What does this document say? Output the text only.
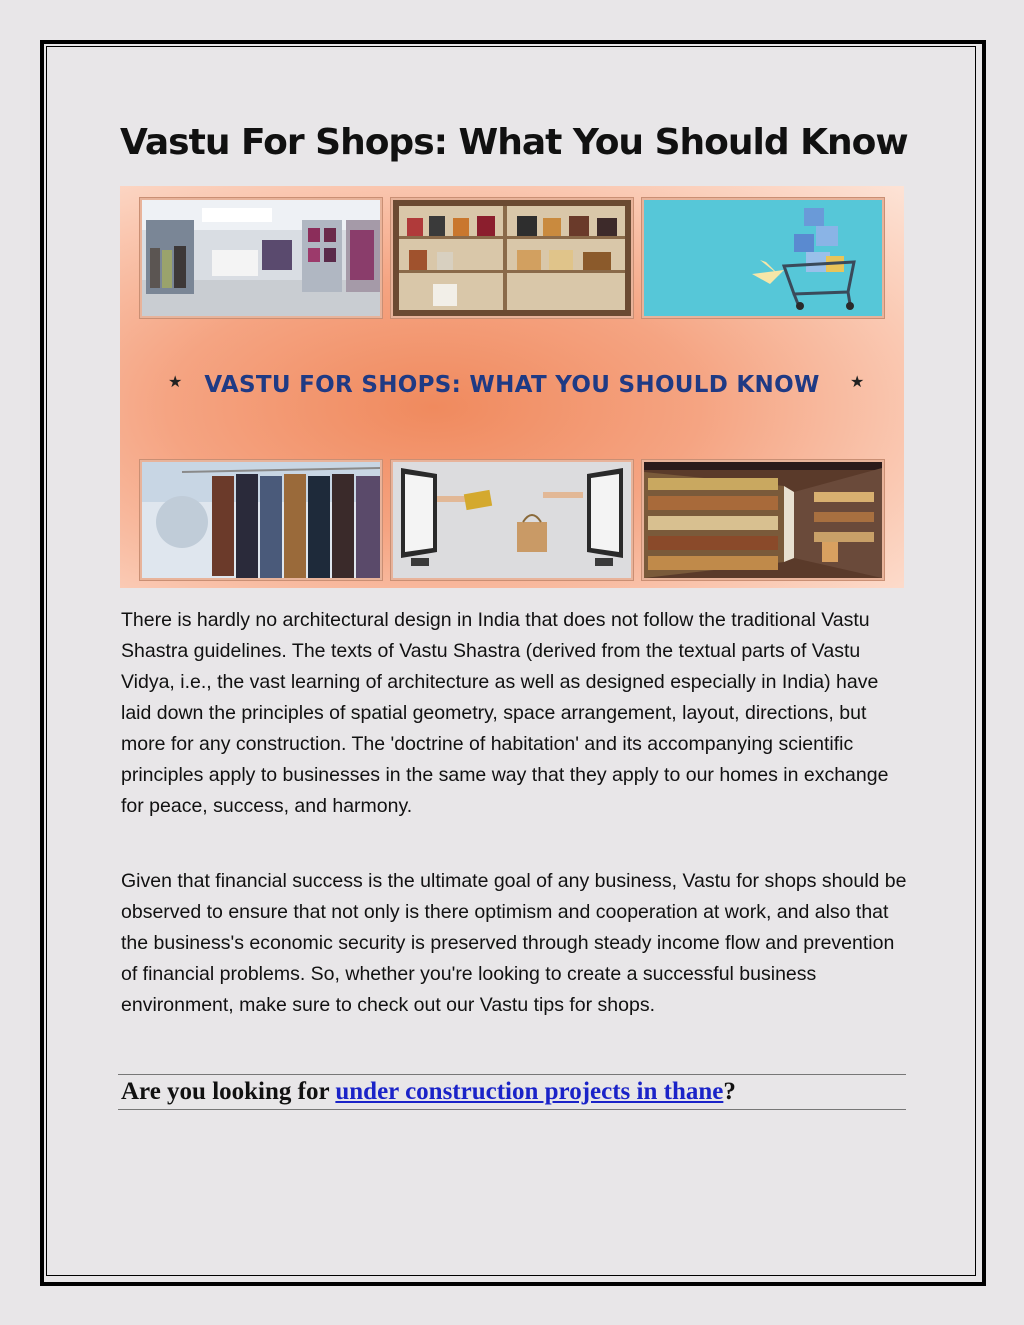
Vastu For Shops: What You Should Know
★ VASTU FOR SHOPS: WHAT YOU SHOULD KNOW	★

There is hardly no architectural design in India that does not follow the traditional Vastu Shastra guidelines. The texts of Vastu Shastra (derived from the textual parts of Vastu Vidya, i.e., the vast learning of architecture as well as designed especially in India) have laid down the principles of spatial geometry, space arrangement, layout, directions, but more for any construction. The 'doctrine of habitation' and its accompanying scientific principles apply to businesses in the same way that they apply to our homes in exchange for peace, success, and harmony.

Given that financial success is the ultimate goal of any business, Vastu for shops should be observed to ensure that not only is there optimism and cooperation at work, and also that the business's economic security is preserved through steady income flow and prevention of financial problems. So, whether you're looking to create a successful business environment, make sure to check out our Vastu tips for shops.

Are you looking for under construction projects in thane?
